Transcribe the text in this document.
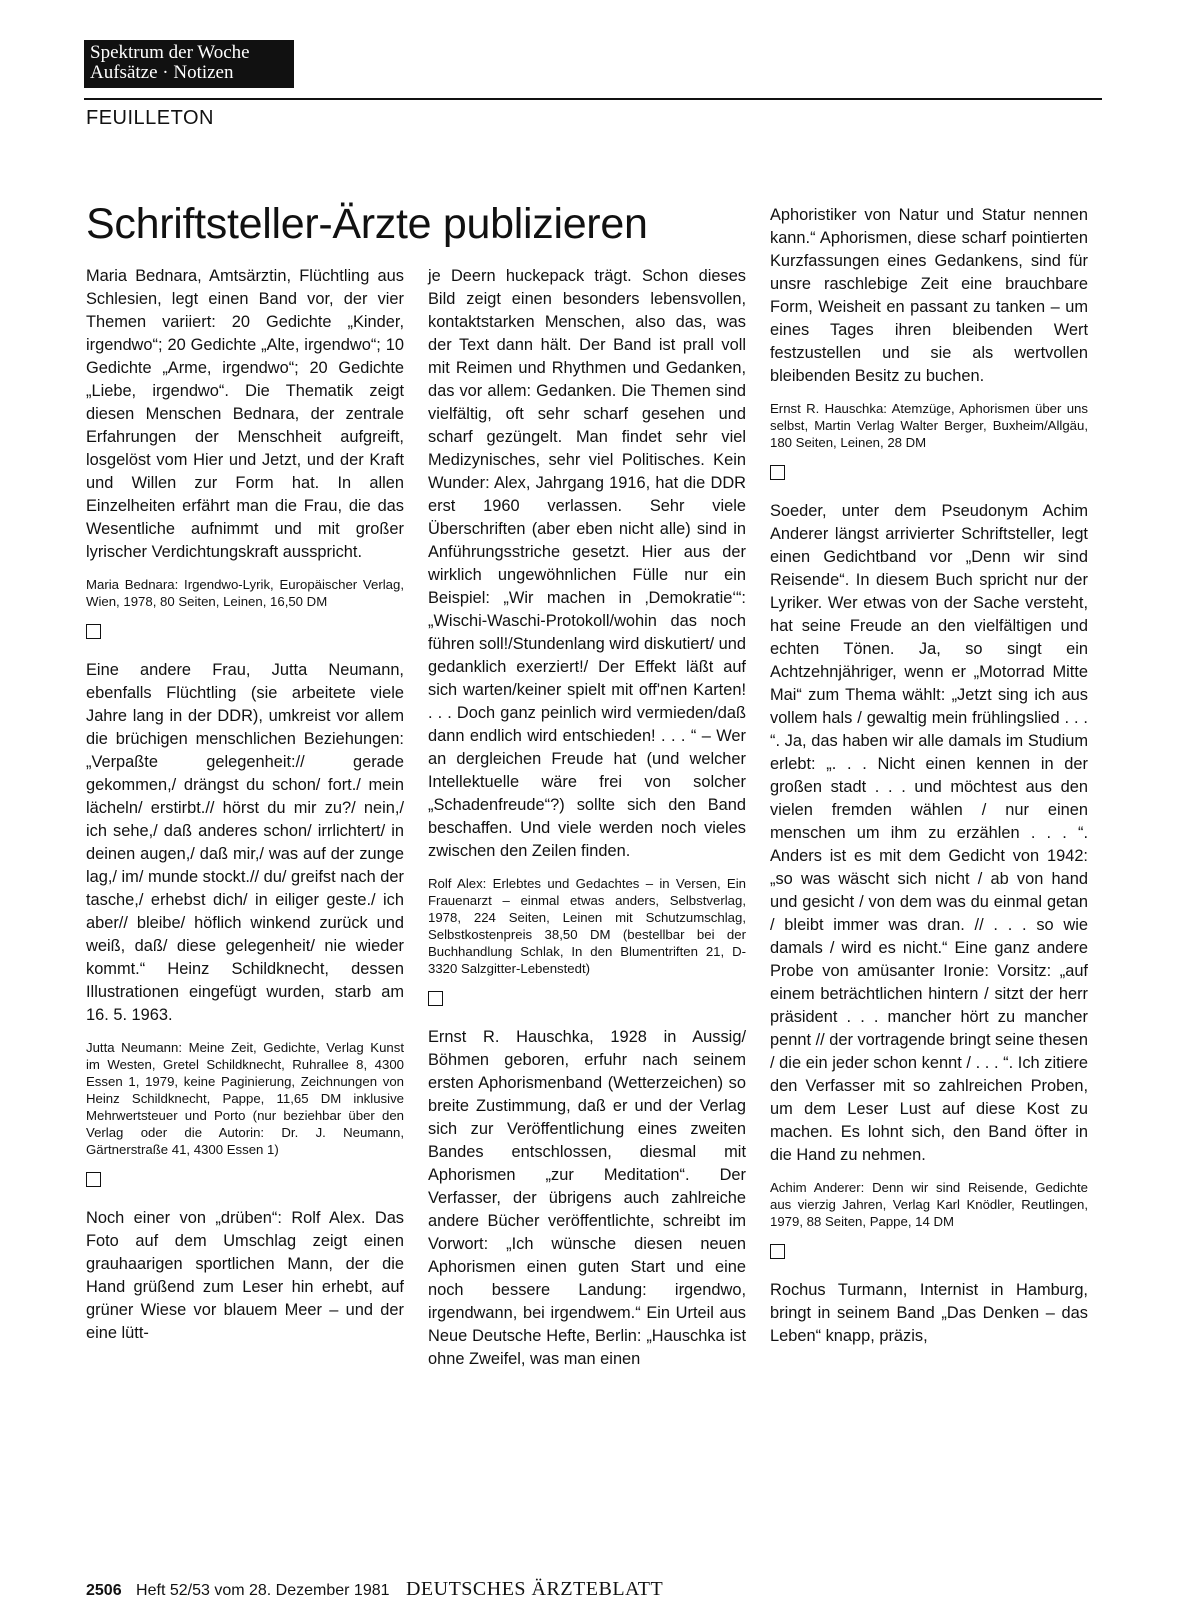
Spektrum der Woche
Aufsätze · Notizen
FEUILLETON
Schriftsteller-Ärzte publizieren
Maria Bednara, Amtsärztin, Flüchtling aus Schlesien, legt einen Band vor, der vier Themen variiert: 20 Gedichte „Kinder, irgendwo“; 20 Gedichte „Alte, irgendwo“; 10 Gedichte „Arme, irgendwo“; 20 Gedichte „Liebe, irgendwo“. Die Thematik zeigt diesen Menschen Bednara, der zentrale Erfahrungen der Menschheit aufgreift, losgelöst vom Hier und Jetzt, und der Kraft und Willen zur Form hat. In allen Einzelheiten erfährt man die Frau, die das Wesentliche aufnimmt und mit großer lyrischer Verdichtungskraft ausspricht.
Maria Bednara: Irgendwo-Lyrik, Europäischer Verlag, Wien, 1978, 80 Seiten, Leinen, 16,50 DM
Eine andere Frau, Jutta Neumann, ebenfalls Flüchtling (sie arbeitete viele Jahre lang in der DDR), umkreist vor allem die brüchigen menschlichen Beziehungen: „Verpaßte gelegenheit:// gerade gekommen,/ drängst du schon/ fort./ mein lächeln/ erstirbt.// hörst du mir zu?/ nein,/ ich sehe,/ daß anderes schon/ irrlichtert/ in deinen augen,/ daß mir,/ was auf der zunge lag,/ im/ munde stockt.// du/ greifst nach der tasche,/ erhebst dich/ in eiliger geste./ ich aber// bleibe/ höflich winkend zurück und weiß, daß/ diese gelegenheit/ nie wieder kommt.“ Heinz Schildknecht, dessen Illustrationen eingefügt wurden, starb am 16. 5. 1963.
Jutta Neumann: Meine Zeit, Gedichte, Verlag Kunst im Westen, Gretel Schildknecht, Ruhrallee 8, 4300 Essen 1, 1979, keine Paginierung, Zeichnungen von Heinz Schildknecht, Pappe, 11,65 DM inklusive Mehrwertsteuer und Porto (nur beziehbar über den Verlag oder die Autorin: Dr. J. Neumann, Gärtnerstraße 41, 4300 Essen 1)
Noch einer von „drüben“: Rolf Alex. Das Foto auf dem Umschlag zeigt einen grauhaarigen sportlichen Mann, der die Hand grüßend zum Leser hin erhebt, auf grüner Wiese vor blauem Meer – und der eine lütt-
je Deern huckepack trägt. Schon dieses Bild zeigt einen besonders lebensvollen, kontaktstarken Menschen, also das, was der Text dann hält. Der Band ist prall voll mit Reimen und Rhythmen und Gedanken, das vor allem: Gedanken. Die Themen sind vielfältig, oft sehr scharf gesehen und scharf gezüngelt. Man findet sehr viel Medizynisches, sehr viel Politisches. Kein Wunder: Alex, Jahrgang 1916, hat die DDR erst 1960 verlassen. Sehr viele Überschriften (aber eben nicht alle) sind in Anführungsstriche gesetzt. Hier aus der wirklich ungewöhnlichen Fülle nur ein Beispiel: „Wir machen in ‚Demokratie‘“: „Wischi-Waschi-Protokoll/wohin das noch führen soll!/Stundenlang wird diskutiert/ und gedanklich exerziert!/ Der Effekt läßt auf sich warten/keiner spielt mit off'nen Karten! . . . Doch ganz peinlich wird vermieden/daß dann endlich wird entschieden! . . . “ – Wer an dergleichen Freude hat (und welcher Intellektuelle wäre frei von solcher „Schadenfreude“?) sollte sich den Band beschaffen. Und viele werden noch vieles zwischen den Zeilen finden.
Rolf Alex: Erlebtes und Gedachtes – in Versen, Ein Frauenarzt – einmal etwas anders, Selbstverlag, 1978, 224 Seiten, Leinen mit Schutzumschlag, Selbstkostenpreis 38,50 DM (bestellbar bei der Buchhandlung Schlak, In den Blumentriften 21, D-3320 Salzgitter-Lebenstedt)
Ernst R. Hauschka, 1928 in Aussig/ Böhmen geboren, erfuhr nach seinem ersten Aphorismenband (Wetterzeichen) so breite Zustimmung, daß er und der Verlag sich zur Veröffentlichung eines zweiten Bandes entschlossen, diesmal mit Aphorismen „zur Meditation“. Der Verfasser, der übrigens auch zahlreiche andere Bücher veröffentlichte, schreibt im Vorwort: „Ich wünsche diesen neuen Aphorismen einen guten Start und eine noch bessere Landung: irgendwo, irgendwann, bei irgendwem.“ Ein Urteil aus Neue Deutsche Hefte, Berlin: „Hauschka ist ohne Zweifel, was man einen
Aphoristiker von Natur und Statur nennen kann.“ Aphorismen, diese scharf pointierten Kurzfassungen eines Gedankens, sind für unsre raschlebige Zeit eine brauchbare Form, Weisheit en passant zu tanken – um eines Tages ihren bleibenden Wert festzustellen und sie als wertvollen bleibenden Besitz zu buchen.
Ernst R. Hauschka: Atemzüge, Aphorismen über uns selbst, Martin Verlag Walter Berger, Buxheim/Allgäu, 180 Seiten, Leinen, 28 DM
Soeder, unter dem Pseudonym Achim Anderer längst arrivierter Schriftsteller, legt einen Gedichtband vor „Denn wir sind Reisende“. In diesem Buch spricht nur der Lyriker. Wer etwas von der Sache versteht, hat seine Freude an den vielfältigen und echten Tönen. Ja, so singt ein Achtzehnjähriger, wenn er „Motorrad Mitte Mai“ zum Thema wählt: „Jetzt sing ich aus vollem hals / gewaltig mein frühlingslied . . . “. Ja, das haben wir alle damals im Studium erlebt: „. . . Nicht einen kennen in der großen stadt . . . und möchtest aus den vielen fremden wählen / nur einen menschen um ihm zu erzählen . . . “. Anders ist es mit dem Gedicht von 1942: „so was wäscht sich nicht / ab von hand und gesicht / von dem was du einmal getan / bleibt immer was dran. // . . . so wie damals / wird es nicht.“ Eine ganz andere Probe von amüsanter Ironie: Vorsitz: „auf einem beträchtlichen hintern / sitzt der herr präsident . . . mancher hört zu mancher pennt // der vortragende bringt seine thesen / die ein jeder schon kennt / . . . “. Ich zitiere den Verfasser mit so zahlreichen Proben, um dem Leser Lust auf diese Kost zu machen. Es lohnt sich, den Band öfter in die Hand zu nehmen.
Achim Anderer: Denn wir sind Reisende, Gedichte aus vierzig Jahren, Verlag Karl Knödler, Reutlingen, 1979, 88 Seiten, Pappe, 14 DM
Rochus Turmann, Internist in Hamburg, bringt in seinem Band „Das Denken – das Leben“ knapp, präzis,
2506 Heft 52/53 vom 28. Dezember 1981 DEUTSCHES ÄRZTEBLATT
